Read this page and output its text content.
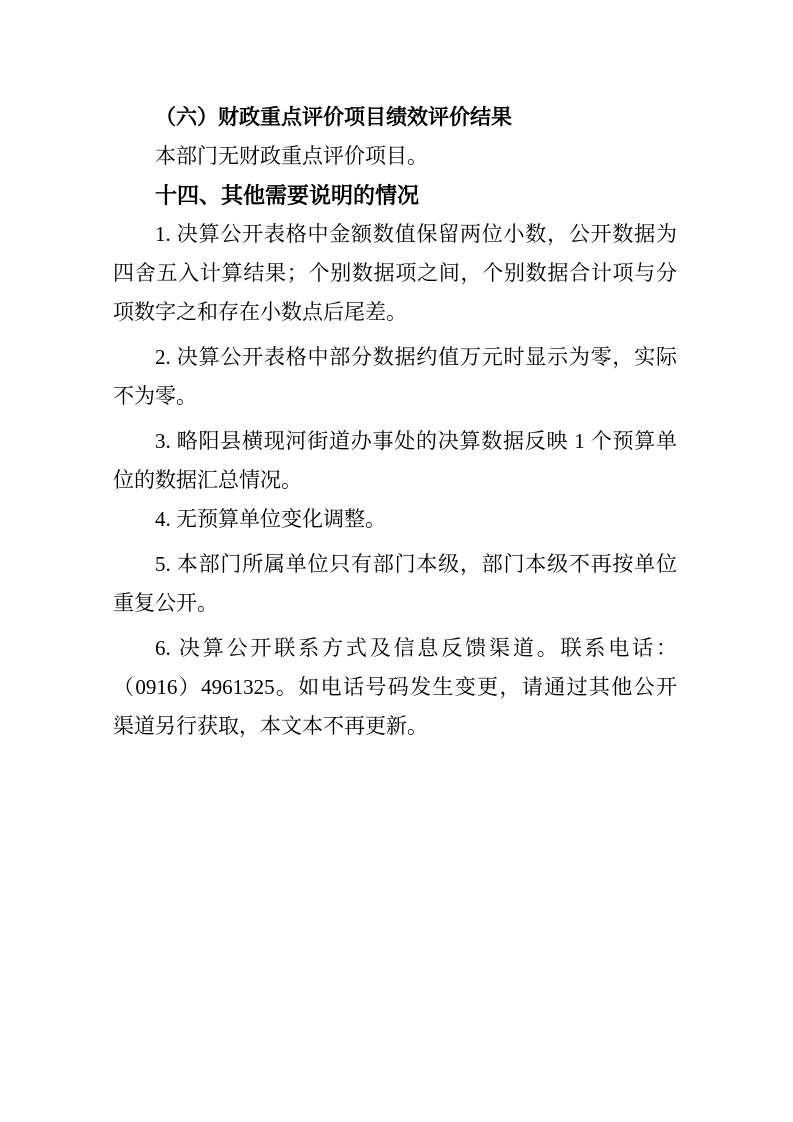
（六）财政重点评价项目绩效评价结果
本部门无财政重点评价项目。
十四、其他需要说明的情况
1. 决算公开表格中金额数值保留两位小数，公开数据为
四舍五入计算结果；个别数据项之间，个别数据合计项与分
项数字之和存在小数点后尾差。
2. 决算公开表格中部分数据约值万元时显示为零，实际
不为零。
3. 略阳县横现河街道办事处的决算数据反映 1 个预算单
位的数据汇总情况。
4. 无预算单位变化调整。
5. 本部门所属单位只有部门本级，部门本级不再按单位
重复公开。
6. 决算公开联系方式及信息反馈渠道。联系电话：
（0916）4961325。如电话号码发生变更，请通过其他公开
渠道另行获取，本文本不再更新。
